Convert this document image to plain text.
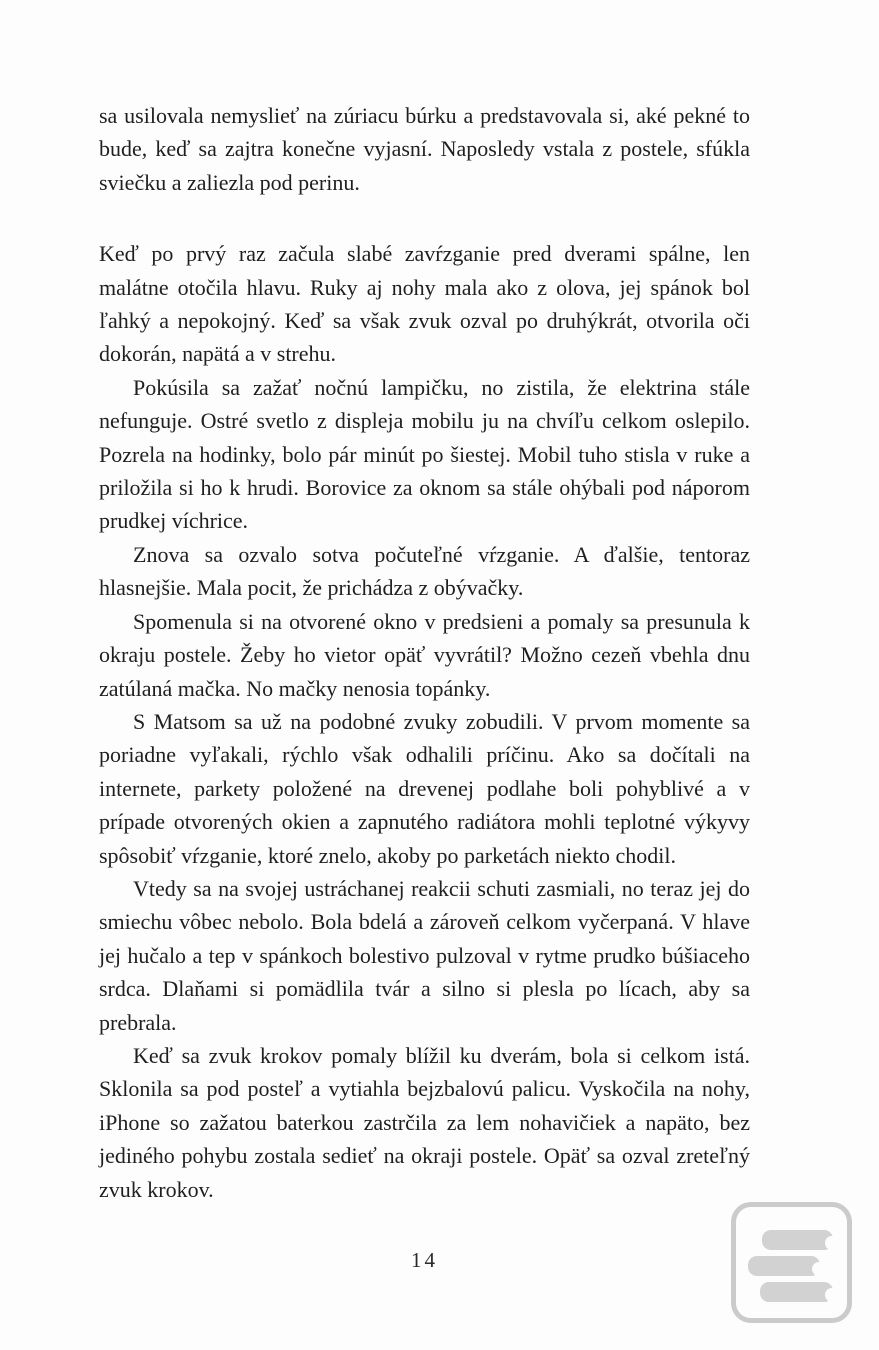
sa usilovala nemyslieť na zúriacu búrku a predstavovala si, aké pekné to bude, keď sa zajtra konečne vyjasní. Naposledy vstala z postele, sfúkla sviečku a zaliezla pod perinu.

Keď po prvý raz začula slabé zavŕzganie pred dverami spálne, len malátne otočila hlavu. Ruky aj nohy mala ako z olova, jej spánok bol ľahký a nepokojný. Keď sa však zvuk ozval po druhýkrát, otvorila oči dokorán, napätá a v strehu.

Pokúsila sa zažať nočnú lampičku, no zistila, že elektrina stále nefunguje. Ostré svetlo z displeja mobilu ju na chvíľu celkom oslepilo. Pozrela na hodinky, bolo pár minút po šiestej. Mobil tuho stisla v ruke a priložila si ho k hrudi. Borovice za oknom sa stále ohýbali pod náporom prudkej víchrice.

Znova sa ozvalo sotva počuteľné vŕzganie. A ďalšie, tentoraz hlasnejšie. Mala pocit, že prichádza z obývačky.

Spomenula si na otvorené okno v predsieni a pomaly sa presunula k okraju postele. Žeby ho vietor opäť vyvrátil? Možno cezeň vbehla dnu zatúlaná mačka. No mačky nenosia topánky.

S Matsom sa už na podobné zvuky zobudili. V prvom momente sa poriadne vyľakali, rýchlo však odhalili príčinu. Ako sa dočítali na internete, parkety položené na drevenej podlahe boli pohyblivé a v prípade otvorených okien a zapnutého radiátora mohli teplotné výkyvy spôsobiť vŕzganie, ktoré znelo, akoby po parketách niekto chodil.

Vtedy sa na svojej ustráchanej reakcii schuti zasmiali, no teraz jej do smiechu vôbec nebolo. Bola bdelá a zároveň celkom vyčerpaná. V hlave jej hučalo a tep v spánkoch bolestivo pulzoval v rytme prudko búšiaceho srdca. Dlaňami si pomädlila tvár a silno si plesla po lícach, aby sa prebrala.

Keď sa zvuk krokov pomaly blížil ku dverám, bola si celkom istá. Sklonila sa pod posteľ a vytiahla bejzbalovú palicu. Vyskočila na nohy, iPhone so zažatou baterkou zastrčila za lem nohavičiek a napäto, bez jediného pohybu zostala sedieť na okraji postele. Opäť sa ozval zreteľný zvuk krokov.

14
